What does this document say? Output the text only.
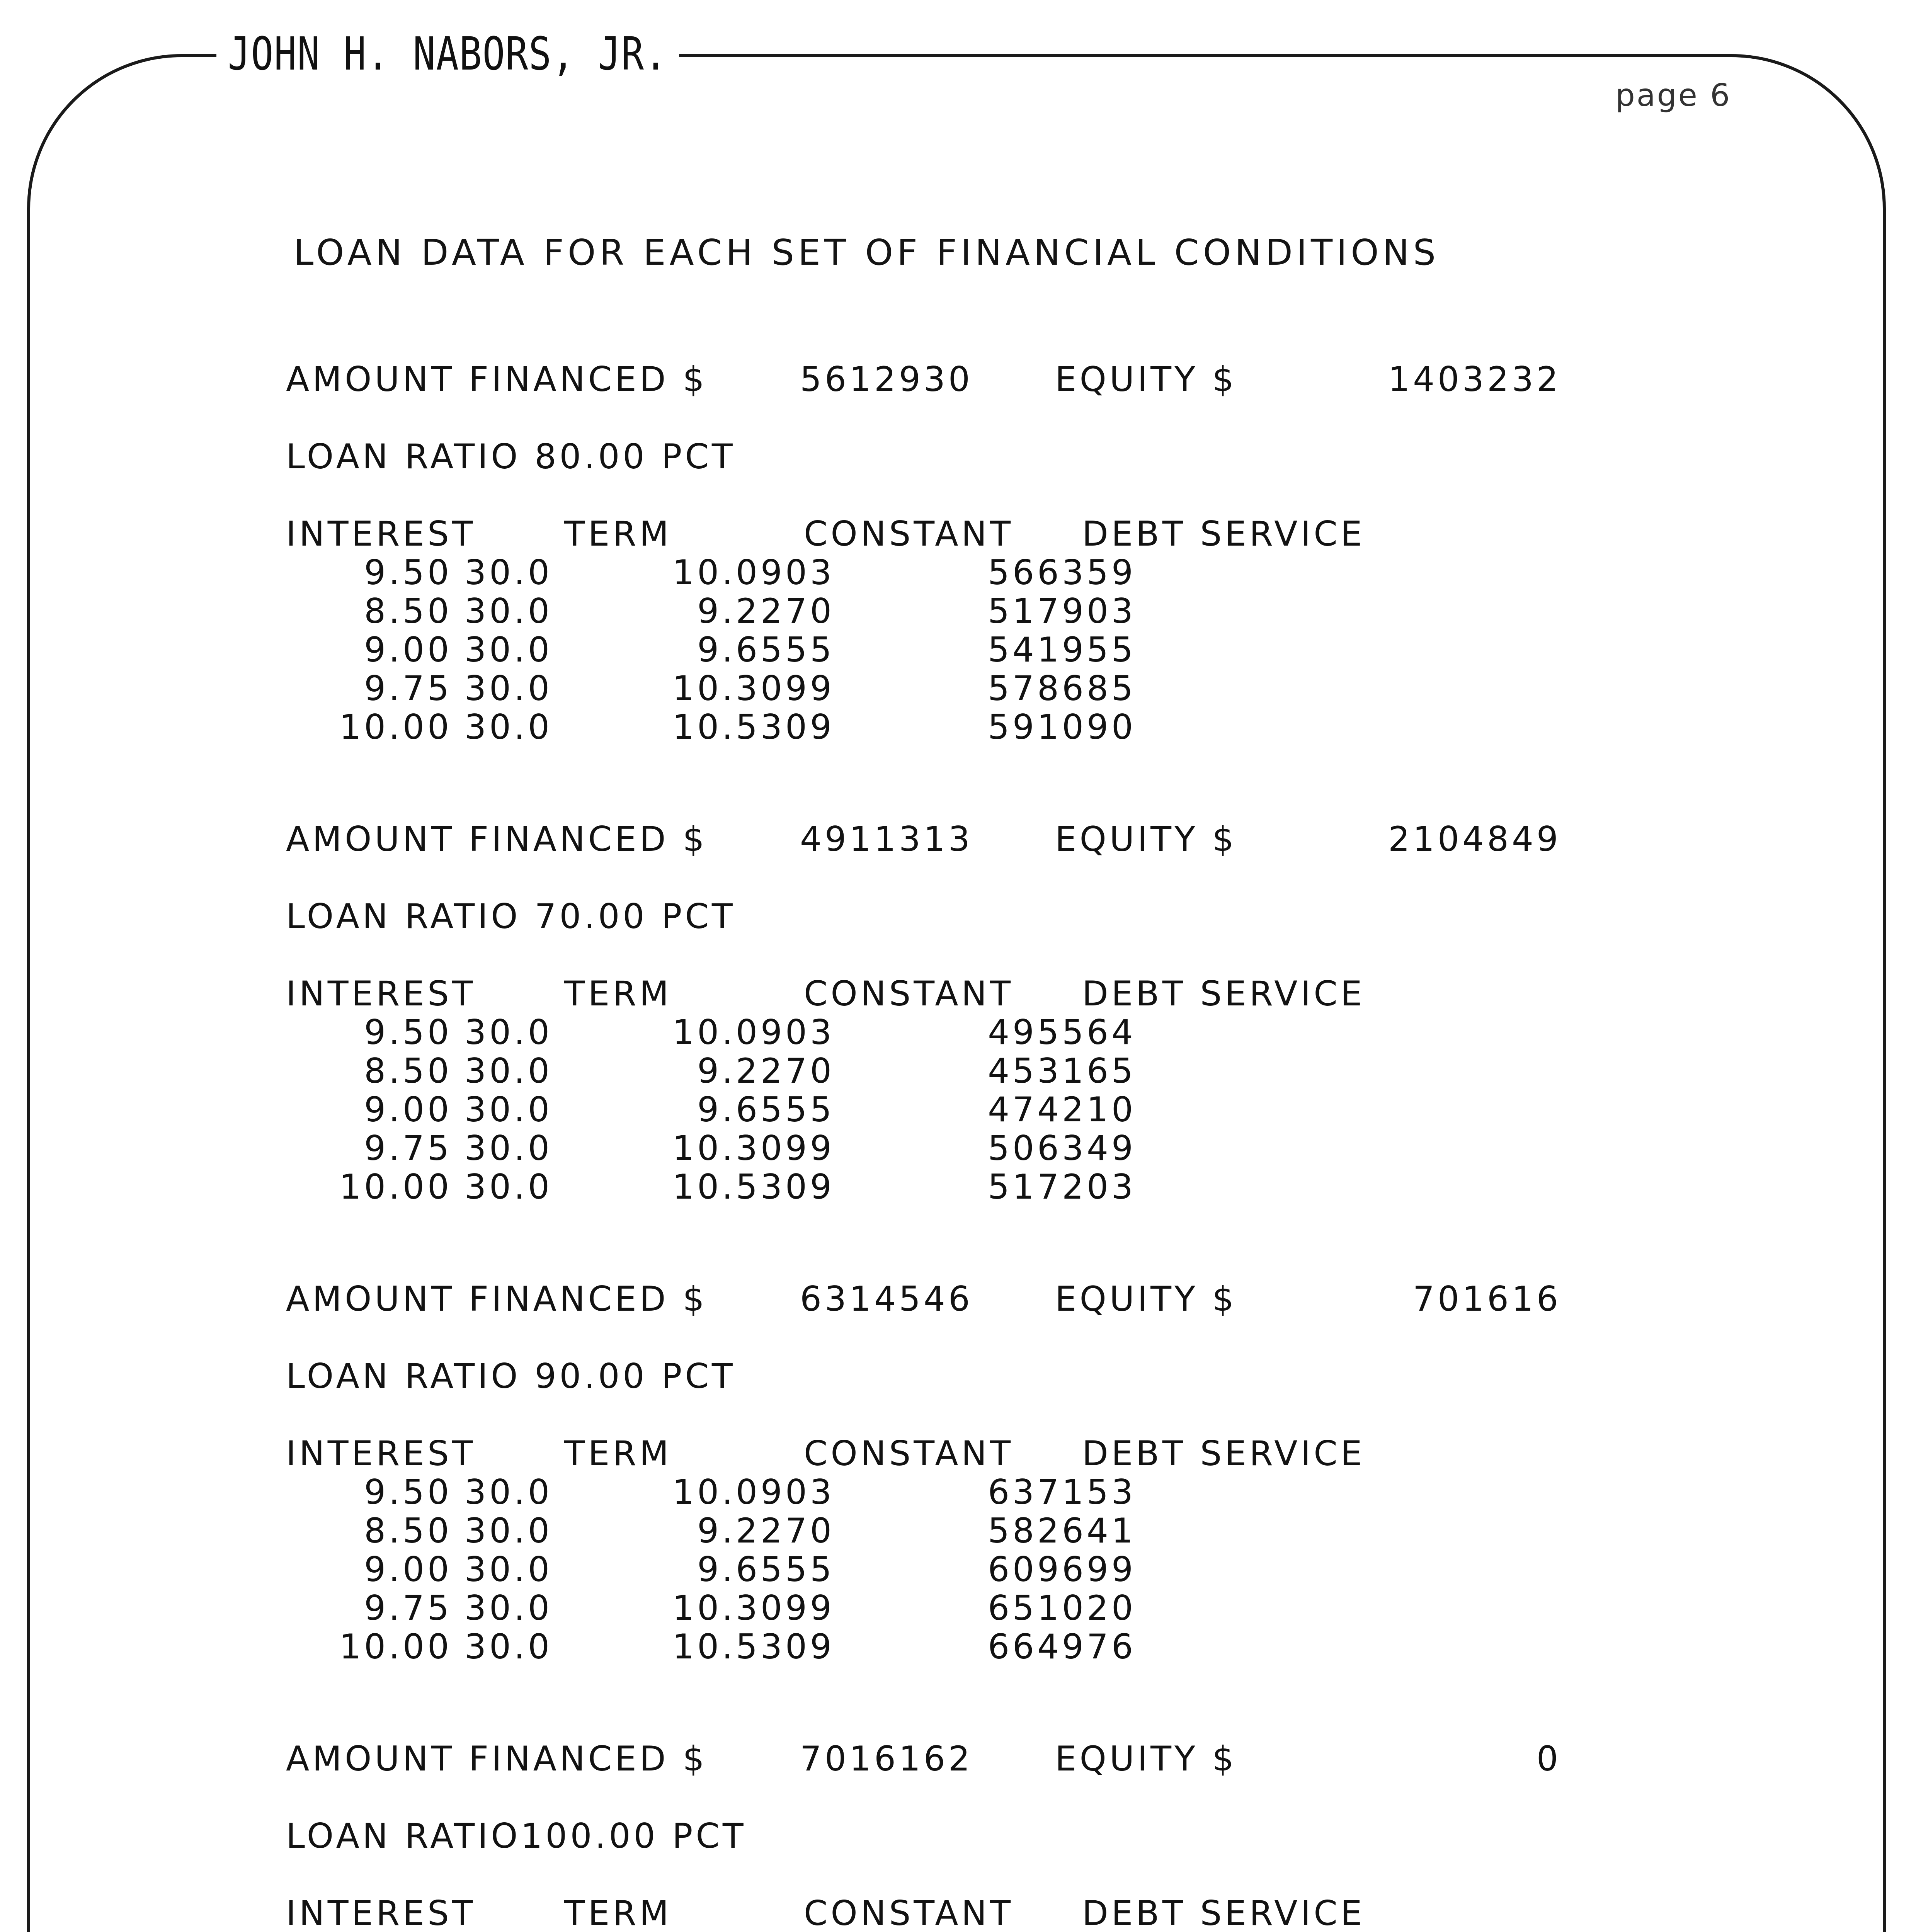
JOHN H. NABORS, JR.
page 6
LOAN DATA FOR EACH SET OF FINANCIAL CONDITIONS
AMOUNT FINANCED $	5612930 EQUITY $	1403232
LOAN RATIO 80.00 PCT
INTEREST	TERM	CONSTANT DEBT SERVICE
9.50 30.0	10.0903	566359
8.50 30.0	9.2270	517903
9.00 30.0	9.6555	541955
9.75 30.0	10.3099	578685
10.00 30.0	10.5309	591090
AMOUNT FINANCED $	4911313 EQUITY $	2104849
LOAN RATIO 70.00 PCT
INTEREST	TERM	CONSTANT DEBT SERVICE
9.50 30.0	10.0903	495564
8.50 30.0	9.2270	453165
9.00 30.0	9.6555	474210
9.75 30.0	10.3099	506349
10.00 30.0	10.5309	517203
AMOUNT FINANCED $	6314546 EQUITY $	701616
LOAN RATIO 90.00 PCT
INTEREST	TERM	CONSTANT DEBT SERVICE
9.50 30.0	10.0903	637153
8.50 30.0	9.2270	582641
9.00 30.0	9.6555	609699
9.75 30.0	10.3099	651020
10.00 30.0	10.5309	664976
AMOUNT FINANCED $	7016162 EQUITY $	0
LOAN RATIO100.00 PCT
INTEREST	TERM	CONSTANT DEBT SERVICE
